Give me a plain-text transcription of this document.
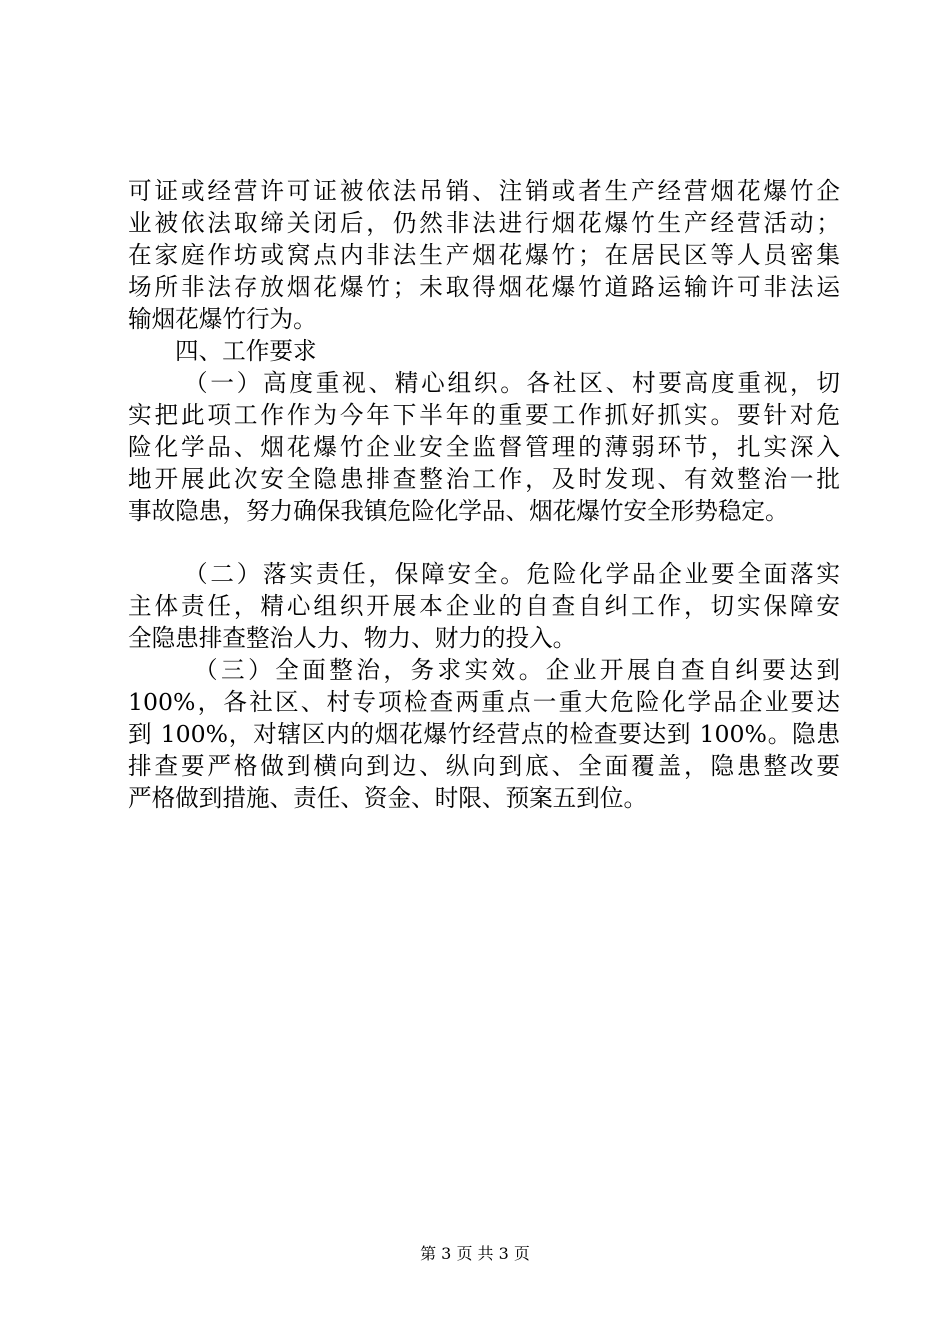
可证或经营许可证被依法吊销、注销或者生产经营烟花爆竹企
业被依法取缔关闭后，仍然非法进行烟花爆竹生产经营活动；
在家庭作坊或窝点内非法生产烟花爆竹；在居民区等人员密集
场所非法存放烟花爆竹；未取得烟花爆竹道路运输许可非法运
输烟花爆竹行为。
四、工作要求
（一）高度重视、精心组织。各社区、村要高度重视，切
实把此项工作作为今年下半年的重要工作抓好抓实。要针对危
险化学品、烟花爆竹企业安全监督管理的薄弱环节，扎实深入
地开展此次安全隐患排查整治工作，及时发现、有效整治一批
事故隐患，努力确保我镇危险化学品、烟花爆竹安全形势稳定。
（二）落实责任，保障安全。危险化学品企业要全面落实
主体责任，精心组织开展本企业的自查自纠工作，切实保障安
全隐患排查整治人力、物力、财力的投入。
（三）全面整治，务求实效。企业开展自查自纠要达到
100%，各社区、村专项检查两重点一重大危险化学品企业要达
到 100%，对辖区内的烟花爆竹经营点的检查要达到 100%。隐患
排查要严格做到横向到边、纵向到底、全面覆盖，隐患整改要
严格做到措施、责任、资金、时限、预案五到位。
第 3 页 共 3 页
